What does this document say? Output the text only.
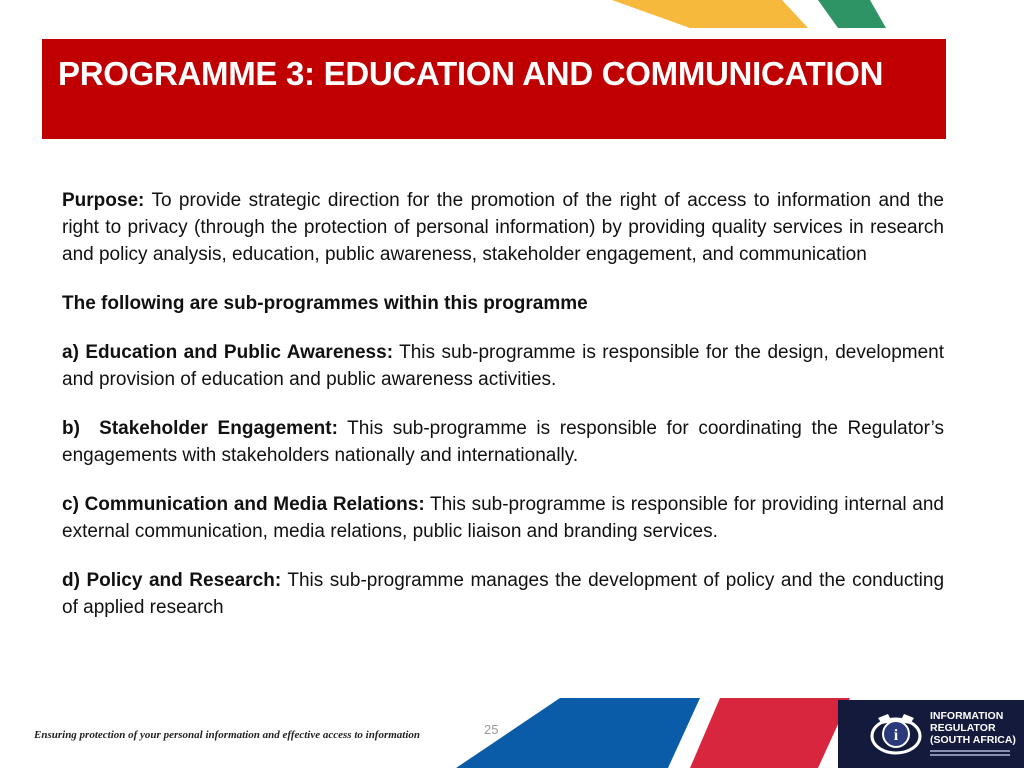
PROGRAMME 3: EDUCATION AND COMMUNICATION

Purpose: To provide strategic direction for the promotion of the right of access to information and the right to privacy (through the protection of personal information) by providing quality services in research and policy analysis, education, public awareness, stakeholder engagement, and communication

The following are sub-programmes within this programme

a) Education and Public Awareness: This sub-programme is responsible for the design, development and provision of education and public awareness activities.

b)  Stakeholder Engagement: This sub-programme is responsible for coordinating the Regulator’s engagements with stakeholders nationally and internationally.

c) Communication and Media Relations: This sub-programme is responsible for providing internal and external communication, media relations, public liaison and branding services.

d) Policy and Research: This sub-programme manages the development of policy and the conducting of applied research

Ensuring protection of your personal information and effective access to information	25	i
INFORMATION
REGULATOR
(SOUTH AFRICA)
